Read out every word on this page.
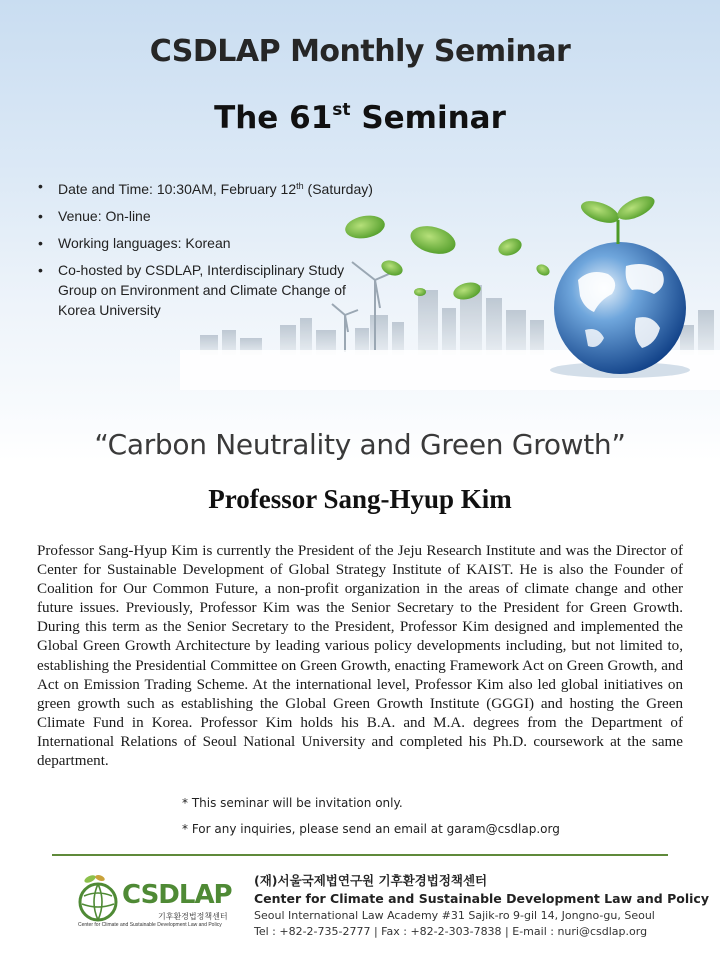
CSDLAP Monthly Seminar
The 61st Seminar
• Date and Time: 10:30AM, February 12th (Saturday)
• Venue: On-line
• Working languages: Korean
• Co-hosted by CSDLAP, Interdisciplinary Study
Group on Environment and Climate Change of
Korea University
“Carbon Neutrality and Green Growth”
Professor Sang-Hyup Kim

Professor Sang-Hyup Kim is currently the President of the Jeju Research Institute and was the Director of Center for Sustainable Development of Global Strategy Institute of KAIST. He is also the Founder of Coalition for Our Common Future, a non-profit organization in the areas of climate change and other future issues. Previously, Professor Kim was the Senior Secretary to the President for Green Growth. During this term as the Senior Secretary to the President, Professor Kim designed and implemented the Global Green Growth Architecture by leading various policy developments including, but not limited to, establishing the Presidential Committee on Green Growth, enacting Framework Act on Green Growth, and Act on Emission Trading Scheme. At the international level, Professor Kim also led global initiatives on green growth such as establishing the Global Green Growth Institute (GGGI) and hosting the Green Climate Fund in Korea. Professor Kim holds his B.A. and M.A. degrees from the Department of International Relations of Seoul National University and completed his Ph.D. coursework at the same department.

* This seminar will be invitation only.
* For any inquiries, please send an email at garam@csdlap.org
CSDLAP
기후환경법정책센터
Center for Climate and Sustainable Development Law and Policy
(재)서울국제법연구원 기후환경법정책센터
Center for Climate and Sustainable Development Law and Policy
Seoul International Law Academy #31 Sajik-ro 9-gil 14, Jongno-gu, Seoul
Tel : +82-2-735-2777 | Fax : +82-2-303-7838 | E-mail : nuri@csdlap.org
